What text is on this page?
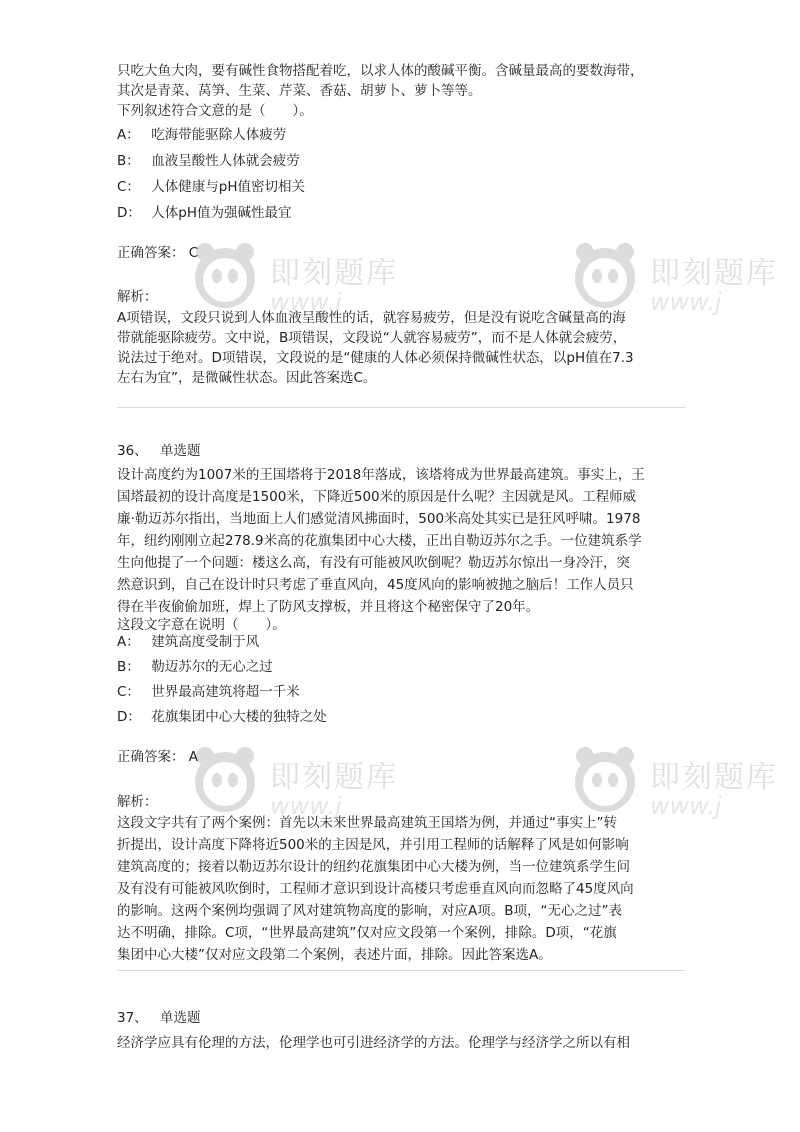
只吃大鱼大肉，要有碱性食物搭配着吃，以求人体的酸碱平衡。含碱量最高的要数海带，

其次是青菜、莴笋、生菜、芹菜、香菇、胡萝卜、萝卜等等。

下列叙述符合文意的是（　　）。

A： 吃海带能驱除人体疲劳
B： 血液呈酸性人体就会疲劳
C： 人体健康与pH值密切相关
D： 人体pH值为强碱性最宜
正确答案： C
解析：

A项错误，文段只说到人体血液呈酸性的话，就容易疲劳，但是没有说吃含碱量高的海

带就能驱除疲劳。文中说，B项错误，文段说“人就容易疲劳”，而不是人体就会疲劳，

说法过于绝对。D项错误，文段说的是“健康的人体必须保持微碱性状态，以pH值在7.3

左右为宜”，是微碱性状态。因此答案选C。

36、 单选题

设计高度约为1007米的王国塔将于2018年落成，该塔将成为世界最高建筑。事实上，王

国塔最初的设计高度是1500米，下降近500米的原因是什么呢？主因就是风。工程师威

廉·勒迈苏尔指出，当地面上人们感觉清风拂面时，500米高处其实已是狂风呼啸。1978

年，纽约刚刚立起278.9米高的花旗集团中心大楼，正出自勒迈苏尔之手。一位建筑系学

生向他提了一个问题：楼这么高，有没有可能被风吹倒呢？勒迈苏尔惊出一身冷汗，突

然意识到，自己在设计时只考虑了垂直风向，45度风向的影响被抛之脑后！工作人员只

得在半夜偷偷加班，焊上了防风支撑板，并且将这个秘密保守了20年。

这段文字意在说明（　　）。

A： 建筑高度受制于风
B： 勒迈苏尔的无心之过
C： 世界最高建筑将超一千米
D： 花旗集团中心大楼的独特之处
正确答案： A
解析：

这段文字共有了两个案例：首先以未来世界最高建筑王国塔为例，并通过“事实上”转

折提出，设计高度下降将近500米的主因是风，并引用工程师的话解释了风是如何影响

建筑高度的；接着以勒迈苏尔设计的纽约花旗集团中心大楼为例，当一位建筑系学生问

及有没有可能被风吹倒时，工程师才意识到设计高楼只考虑垂直风向而忽略了45度风向

的影响。这两个案例均强调了风对建筑物高度的影响，对应A项。B项，“无心之过”表

达不明确，排除。C项，“世界最高建筑”仅对应文段第一个案例，排除。D项，“花旗

集团中心大楼”仅对应文段第二个案例，表述片面，排除。因此答案选A。

37、 单选题

经济学应具有伦理的方法，伦理学也可引进经济学的方法。伦理学与经济学之所以有相

即刻题库
www.j
即刻题库
www.j
即刻题库
www.j
即刻题库
www.j
